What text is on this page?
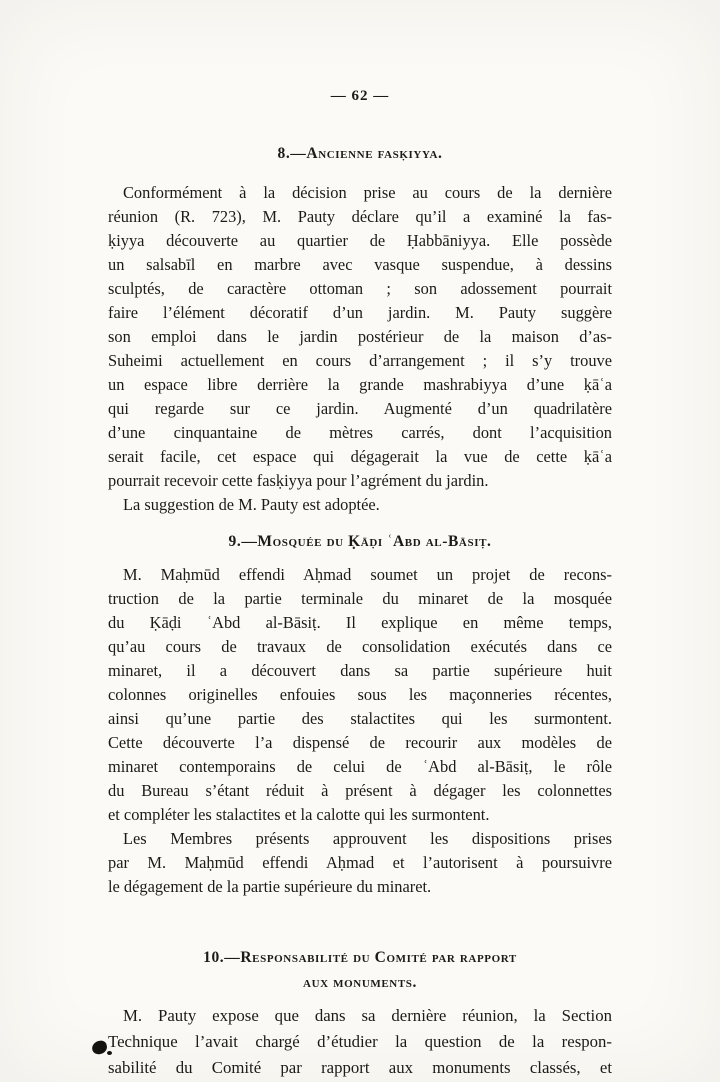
— 62 —
8.—Ancienne fasḳiyya.
Conformément à la décision prise au cours de la dernière
réunion (R. 723), M. Pauty déclare qu’il a examiné la fas-
ḳiyya découverte au quartier de Ḥabbāniyya. Elle possède
un salsabīl en marbre avec vasque suspendue, à dessins
sculptés, de caractère ottoman ; son adossement pourrait
faire l’élément décoratif d’un jardin. M. Pauty suggère
son emploi dans le jardin postérieur de la maison d’as-
Suheimi actuellement en cours d’arrangement ; il s’y trouve
un espace libre derrière la grande mashrabiyya d’une ḳāʿa
qui regarde sur ce jardin. Augmenté d’un quadrilatère
d’une cinquantaine de mètres carrés, dont l’acquisition
serait facile, cet espace qui dégagerait la vue de cette ḳāʿa
pourrait recevoir cette fasḳiyya pour l’agrément du jardin.
La suggestion de M. Pauty est adoptée.
9.—Mosquée du Ḳāḍi ʿAbd al-Bāsiṭ.
M. Maḥmūd effendi Aḥmad soumet un projet de recons-
truction de la partie terminale du minaret de la mosquée
du Ḳāḍi ʿAbd al-Bāsiṭ. Il explique en même temps,
qu’au cours de travaux de consolidation exécutés dans ce
minaret, il a découvert dans sa partie supérieure huit
colonnes originelles enfouies sous les maçonneries récentes,
ainsi qu’une partie des stalactites qui les surmontent.
Cette découverte l’a dispensé de recourir aux modèles de
minaret contemporains de celui de ʿAbd al-Bāsiṭ, le rôle
du Bureau s’étant réduit à présent à dégager les colonnettes
et compléter les stalactites et la calotte qui les surmontent.
Les Membres présents approuvent les dispositions prises
par M. Maḥmūd effendi Aḥmad et l’autorisent à poursuivre
le dégagement de la partie supérieure du minaret.
10.—Responsabilité du Comité par rapport
aux monuments.
M. Pauty expose que dans sa dernière réunion, la Section
Technique l’avait chargé d’étudier la question de la respon-
sabilité du Comité par rapport aux monuments classés, et
